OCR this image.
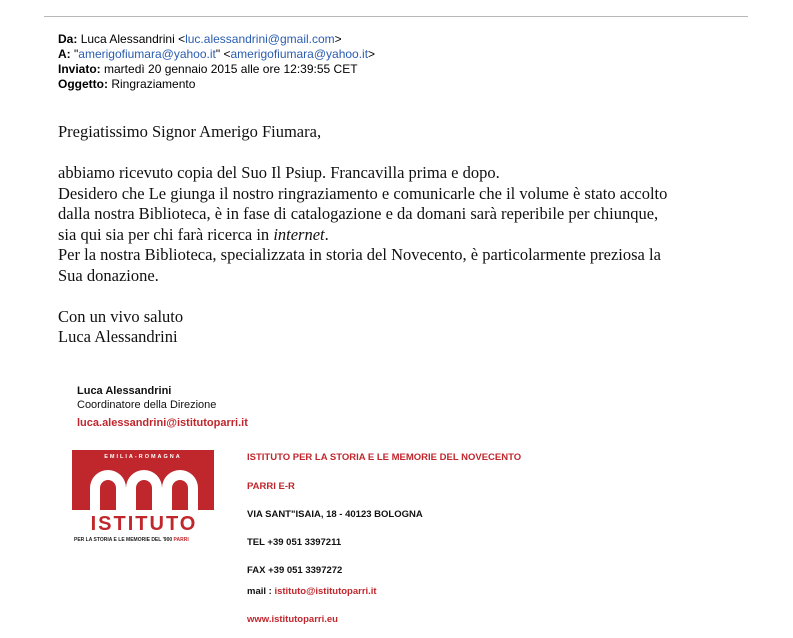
Da: Luca Alessandrini <luc.alessandrini@gmail.com>
A: "amerigofiumara@yahoo.it" <amerigofiumara@yahoo.it>
Inviato: martedì 20 gennaio 2015 alle ore 12:39:55 CET
Oggetto: Ringraziamento

Pregiatissimo Signor Amerigo Fiumara,

abbiamo ricevuto copia del Suo Il Psiup. Francavilla prima e dopo.

Desidero che Le giunga il nostro ringraziamento e comunicarle che il volume è stato accolto

dalla nostra Biblioteca, è in fase di catalogazione e da domani sarà reperibile per chiunque,

sia qui sia per chi farà ricerca in internet.

Per la nostra Biblioteca, specializzata in storia del Novecento, è particolarmente preziosa la

Sua donazione.

Con un vivo saluto

Luca Alessandrini

Luca Alessandrini
Coordinatore della Direzione
luca.alessandrini@istitutoparri.it
EMILIA-ROMAGNA
ISTITUTO
PER LA STORIA E LE MEMORIE DEL '900 PARRI
ISTITUTO PER LA STORIA E LE MEMORIE DEL NOVECENTO
PARRI E-R
VIA SANT"ISAIA, 18 - 40123 BOLOGNA
TEL +39 051 3397211
FAX +39 051 3397272
mail : istituto@istitutoparri.it
www.istitutoparri.eu
